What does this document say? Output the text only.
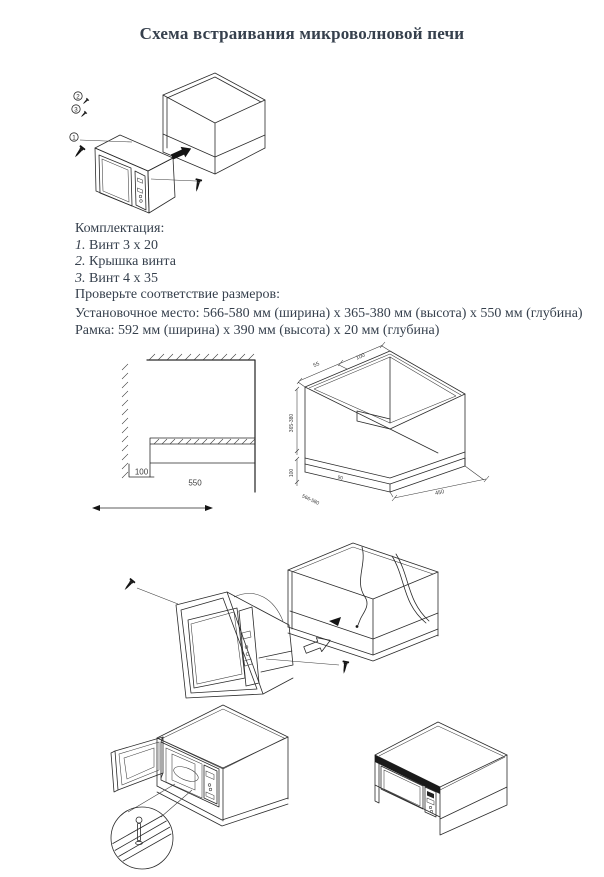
Схема встраивания микроволновой печи
2
3
1
Комплектация:
1. Винт 3 х 20
2. Крышка винта
3. Винт 4 х 35
Проверьте соответствие размеров:
Установочное место: 566-580 мм (ширина) х 365-380 мм (высота) х 550 мм (глубина)
Рамка: 592 мм (ширина) х 390 мм (высота) х 20 мм (глубина)
100
550
55
100
365-380
100
450
566-580
90
